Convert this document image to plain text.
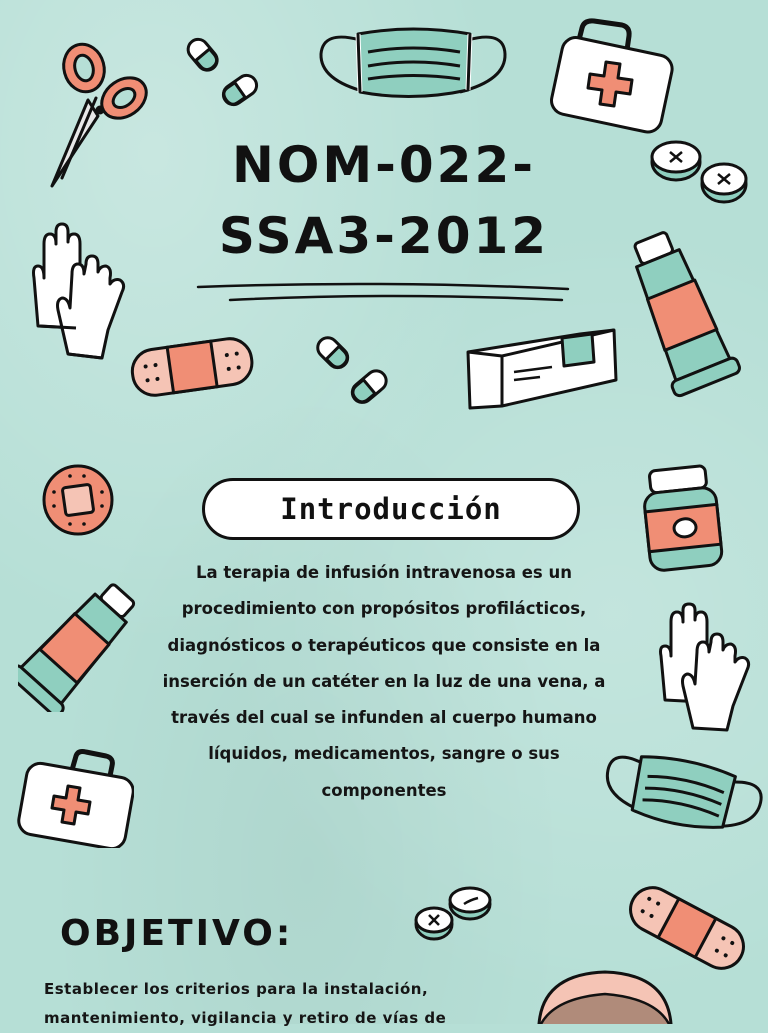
NOM-022-
SSA3-2012
Introducción

La terapia de infusión intravenosa es un procedimiento con propósitos profilácticos, diagnósticos o terapéuticos que consiste en la inserción de un catéter en la luz de una vena, a través del cual se infunden al cuerpo humano líquidos, medicamentos, sangre o sus componentes

OBJETIVO:

Establecer los criterios para la instalación, mantenimiento, vigilancia y retiro de vías de
